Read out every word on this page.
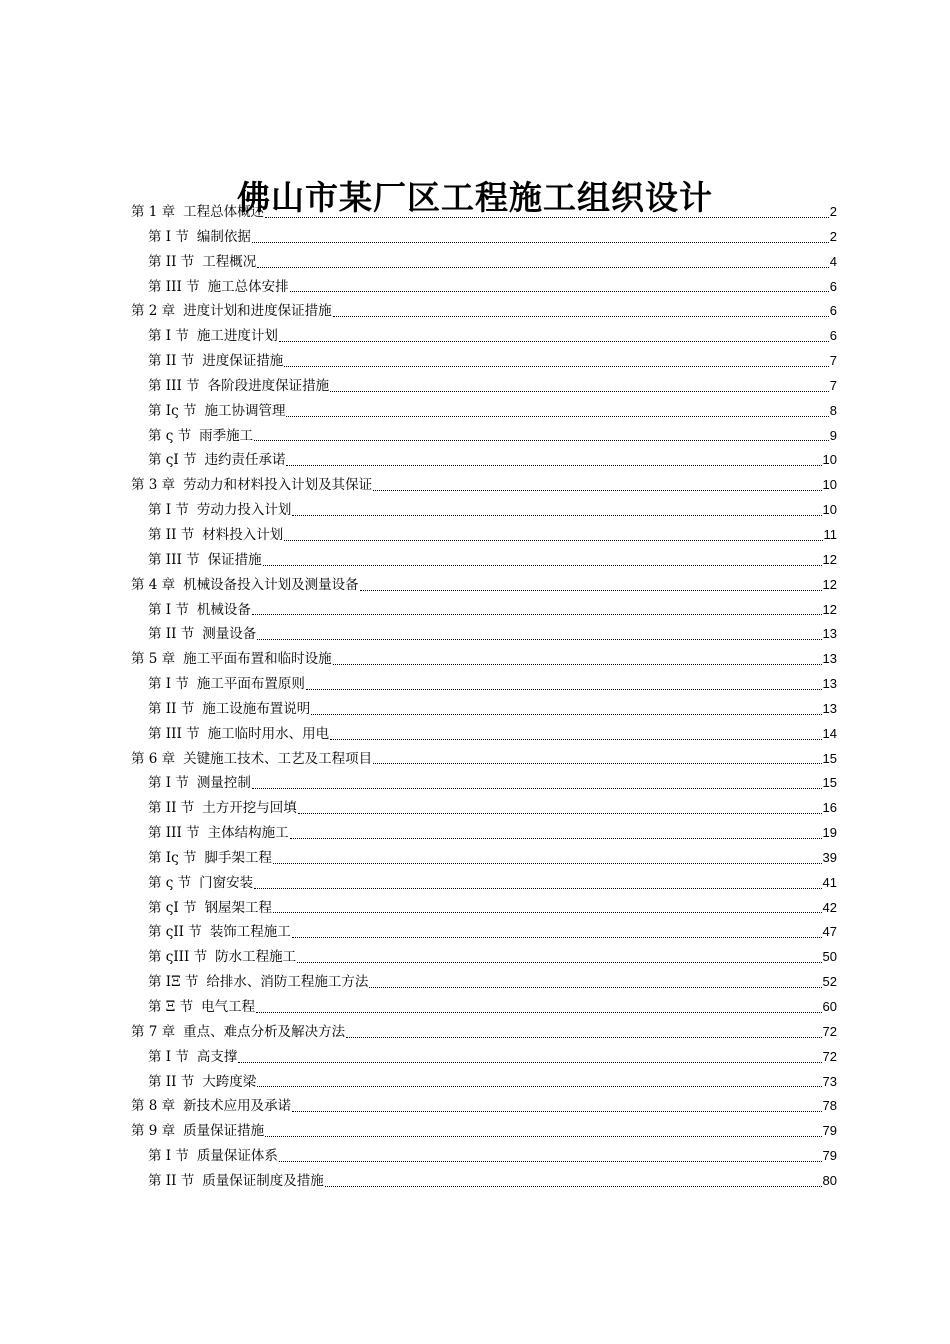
佛山市某厂区工程施工组织设计
第 1 章 工程总体概述	2
第 I 节 编制依据	2
第 II 节 工程概况	4
第 III 节 施工总体安排	6
第 2 章 进度计划和进度保证措施	6
第 I 节 施工进度计划	6
第 II 节 进度保证措施	7
第 III 节 各阶段进度保证措施	7
第 Iς 节 施工协调管理	8
第 ς 节 雨季施工	9
第 ςI 节 违约责任承诺	10
第 3 章 劳动力和材料投入计划及其保证	10
第 I 节 劳动力投入计划	10
第 II 节 材料投入计划	11
第 III 节 保证措施	12
第 4 章 机械设备投入计划及测量设备	12
第 I 节 机械设备	12
第 II 节 测量设备	13
第 5 章 施工平面布置和临时设施	13
第 I 节 施工平面布置原则	13
第 II 节 施工设施布置说明	13
第 III 节 施工临时用水、用电	14
第 6 章 关键施工技术、工艺及工程项目	15
第 I 节 测量控制	15
第 II 节 土方开挖与回填	16
第 III 节 主体结构施工	19
第 Iς 节 脚手架工程	39
第 ς 节 门窗安装	41
第 ςI 节 钢屋架工程	42
第 ςII 节 装饰工程施工	47
第 ςIII 节 防水工程施工	50
第 IΞ 节 给排水、消防工程施工方法	52
第 Ξ 节 电气工程	60
第 7 章 重点、难点分析及解决方法	72
第 I 节 高支撑	72
第 II 节 大跨度梁	73
第 8 章 新技术应用及承诺	78
第 9 章 质量保证措施	79
第 I 节 质量保证体系	79
第 II 节 质量保证制度及措施	80
